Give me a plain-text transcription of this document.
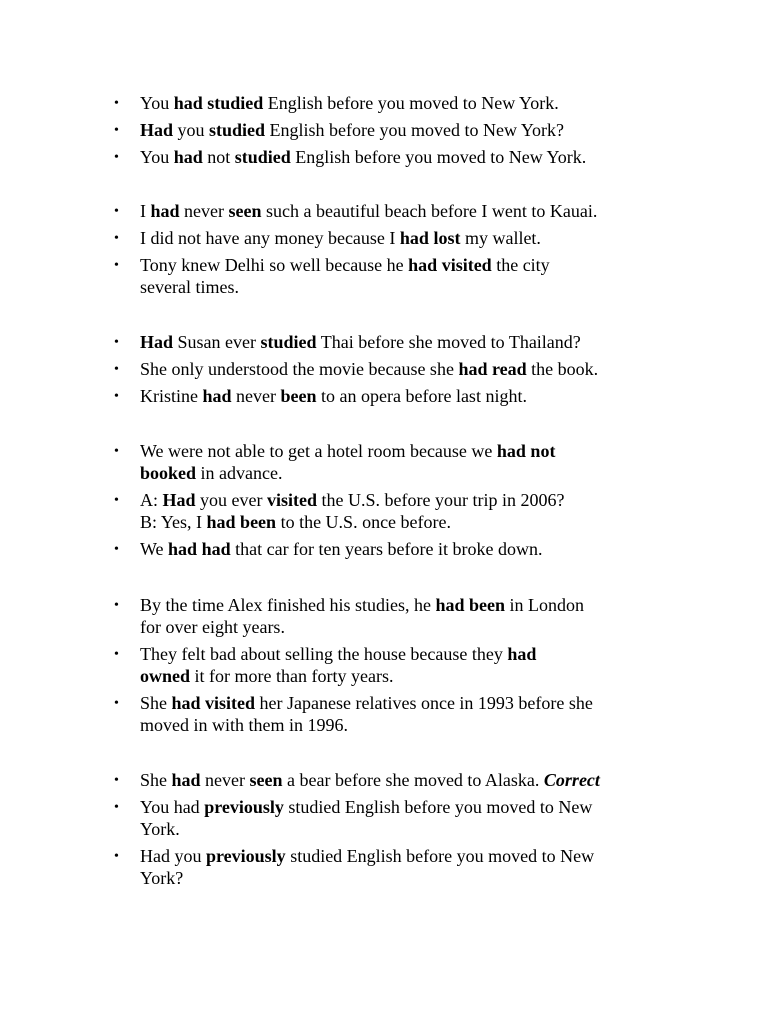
• You had studied English before you moved to New York.
• Had you studied English before you moved to New York?
• You had not studied English before you moved to New York.
• I had never seen such a beautiful beach before I went to Kauai.
• I did not have any money because I had lost my wallet.
• Tony knew Delhi so well because he had visited the city
several times.
• Had Susan ever studied Thai before she moved to Thailand?
• She only understood the movie because she had read the book.
• Kristine had never been to an opera before last night.
• We were not able to get a hotel room because we had not
booked in advance.
• A: Had you ever visited the U.S. before your trip in 2006?
B: Yes, I had been to the U.S. once before.
• We had had that car for ten years before it broke down.
• By the time Alex finished his studies, he had been in London
for over eight years.
• They felt bad about selling the house because they had
owned it for more than forty years.
• She had visited her Japanese relatives once in 1993 before she
moved in with them in 1996.
• She had never seen a bear before she moved to Alaska. Correct
• You had previously studied English before you moved to New
York.
• Had you previously studied English before you moved to New
York?
